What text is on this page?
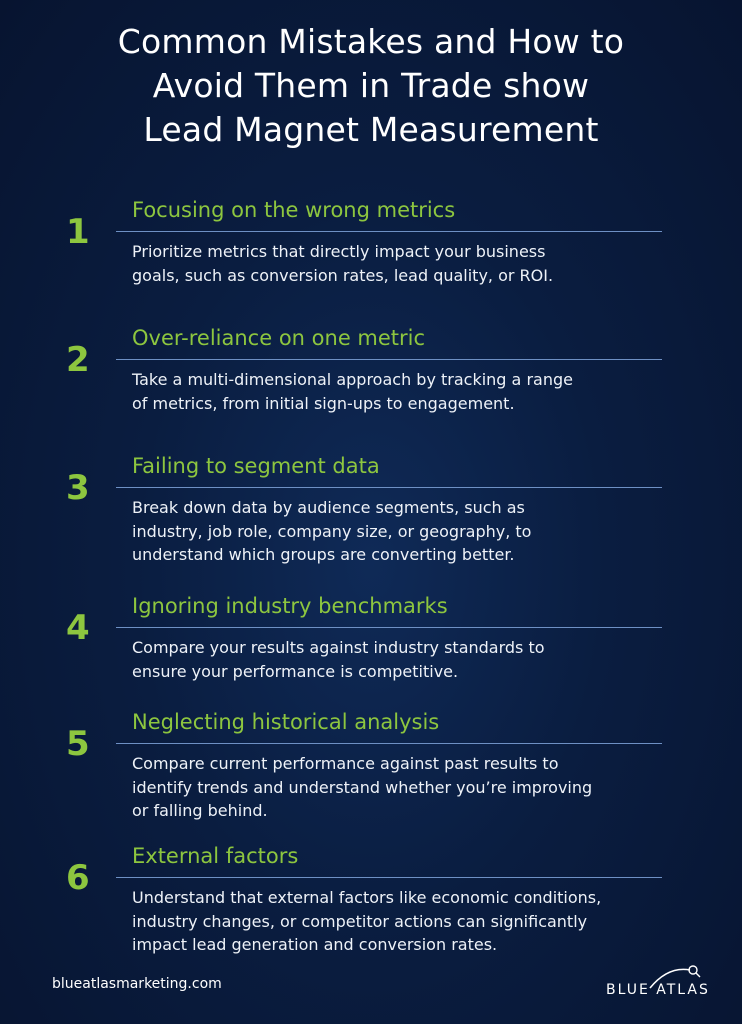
Common Mistakes and How to
Avoid Them in Trade show
Lead Magnet Measurement
1
Focusing on the wrong metrics

Prioritize metrics that directly impact your business
goals, such as conversion rates, lead quality, or ROI.

2
Over-reliance on one metric

Take a multi-dimensional approach by tracking a range
of metrics, from initial sign-ups to engagement.

3
Failing to segment data

Break down data by audience segments, such as
industry, job role, company size, or geography, to
understand which groups are converting better.

4
Ignoring industry benchmarks

Compare your results against industry standards to
ensure your performance is competitive.

5
Neglecting historical analysis

Compare current performance against past results to
identify trends and understand whether you’re improving
or falling behind.

6
External factors

Understand that external factors like economic conditions,
industry changes, or competitor actions can significantly
impact lead generation and conversion rates.

blueatlasmarketing.com	BLUE ATLAS
